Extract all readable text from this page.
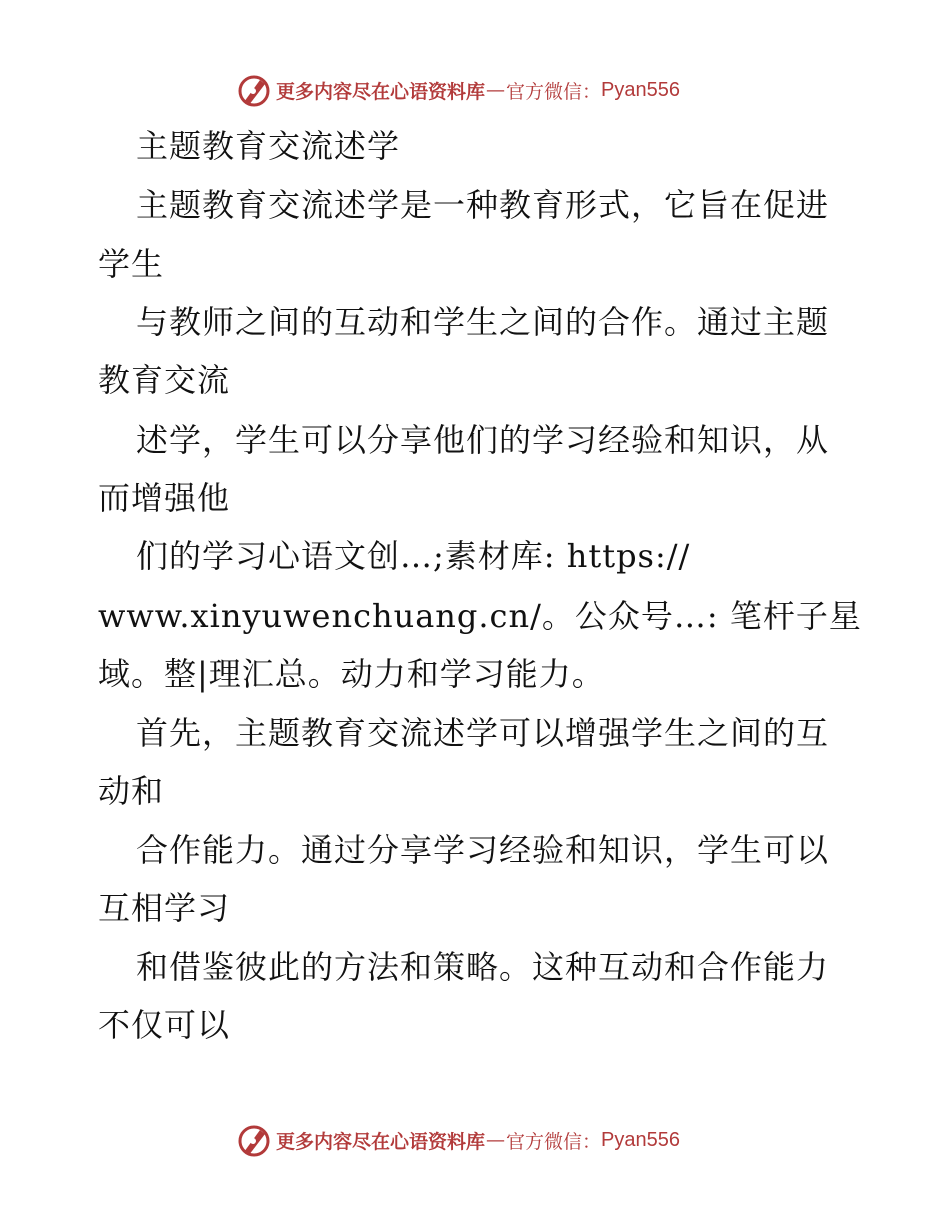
更多内容尽在心语资料库 — 官方微信： Pyan556
主题教育交流述学
主题教育交流述学是一种教育形式，它旨在促进
学生
与教师之间的互动和学生之间的合作。通过主题
教育交流
述学，学生可以分享他们的学习经验和知识，从
而增强他
们的学习心语文创…;素材库: https://
www.xinyuwenchuang.cn/。公众号…: 笔杆子星
域。整|理汇总。动力和学习能力。
首先，主题教育交流述学可以增强学生之间的互
动和
合作能力。通过分享学习经验和知识，学生可以
互相学习
和借鉴彼此的方法和策略。这种互动和合作能力
不仅可以
更多内容尽在心语资料库 — 官方微信： Pyan556
